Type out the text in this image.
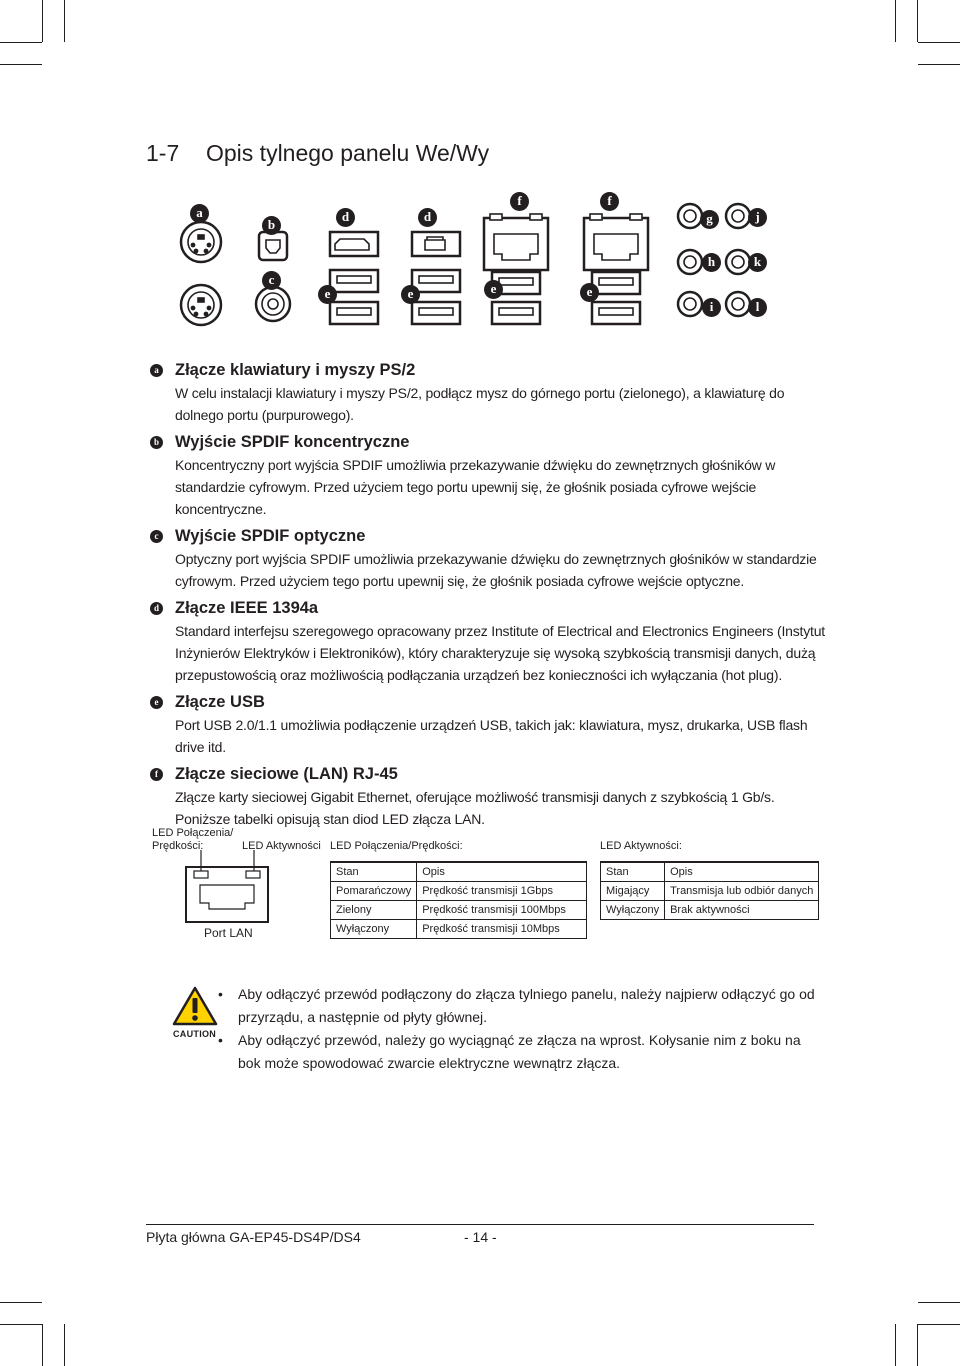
1-7 Opis tylnego panelu We/Wy
a
b
c
d	d
e	e	e	e
f	f
g
h
i
j
k
l
a Złącze klawiatury i myszy PS/2

W celu instalacji klawiatury i myszy PS/2, podłącz mysz do górnego portu (zielonego), a klawiaturę do dolnego portu (purpurowego).

b Wyjście SPDIF koncentryczne

Koncentryczny port wyjścia SPDIF umożliwia przekazywanie dźwięku do zewnętrznych głośników w standardzie cyfrowym. Przed użyciem tego portu upewnij się, że głośnik posiada cyfrowe wejście koncentryczne.

c Wyjście SPDIF optyczne

Optyczny port wyjścia SPDIF umożliwia przekazywanie dźwięku do zewnętrznych głośników w standardzie cyfrowym. Przed użyciem tego portu upewnij się, że głośnik posiada cyfrowe wejście optyczne.

d Złącze IEEE 1394a

Standard interfejsu szeregowego opracowany przez Institute of Electrical and Electronics Engineers (Instytut Inżynierów Elektryków i Elektroników), który charakteryzuje się wysoką szybkością transmisji danych, dużą przepustowością oraz możliwością podłączania urządzeń bez konieczności ich wyłączania (hot plug).

e Złącze USB

Port USB 2.0/1.1 umożliwia podłączenie urządzeń USB, takich jak: klawiatura, mysz, drukarka, USB flash drive itd.

f	Złącze sieciowe (LAN) RJ-45

Złącze karty sieciowej Gigabit Ethernet, oferujące możliwość transmisji danych z szybkością 1 Gb/s. Poniższe tabelki opisują stan diod LED złącza LAN.

LED Połączenia/ Prędkości:	LED Aktywności
Port LAN
LED Połączenia/Prędkości:
Stan	Opis
Pomarańczowy	Prędkość transmisji 1Gbps
Zielony	Prędkość transmisji 100Mbps
Wyłączony	Prędkość transmisji 10Mbps
LED Aktywności:
Stan	Opis
Migający	Transmisja lub odbiór danych
Wyłączony	Brak aktywności
CAUTION
• Aby odłączyć przewód podłączony do złącza tylniego panelu, należy najpierw odłączyć go od przyrządu, a następnie od płyty głównej.
• Aby odłączyć przewód, należy go wyciągnąć ze złącza na wprost. Kołysanie nim z boku na bok może spowodować zwarcie elektryczne wewnątrz złącza.
Płyta główna GA-EP45-DS4P/DS4	- 14 -
